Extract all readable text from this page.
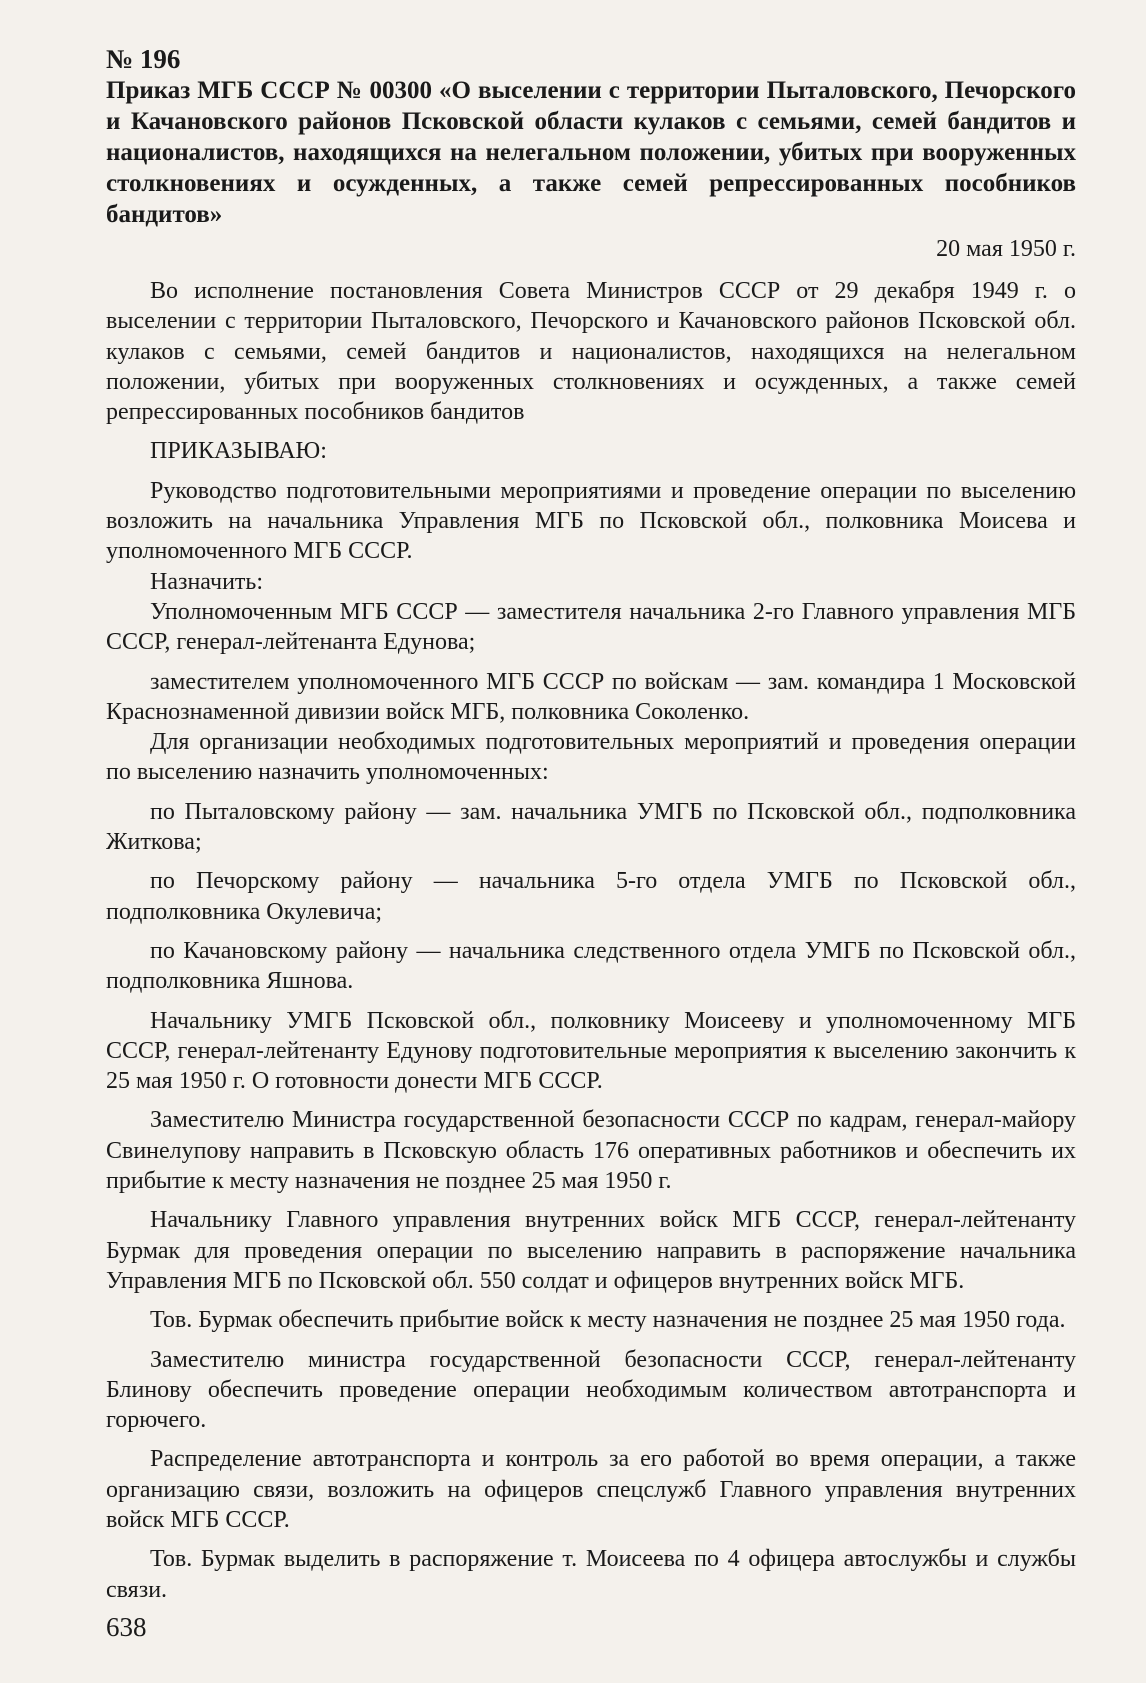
№ 196
Приказ МГБ СССР № 00300 «О выселении с территории Пыталовского, Печорского и Качановского районов Псковской области кулаков с семьями, семей бандитов и националистов, находящихся на нелегальном положении, убитых при вооруженных столкновениях и осужденных, а также семей репрессированных пособников бандитов»
20 мая 1950 г.

Во исполнение постановления Совета Министров СССР от 29 декабря 1949 г. о выселении с территории Пыталовского, Печорского и Качановского районов Псковской обл. кулаков с семьями, семей бандитов и националистов, находящихся на нелегальном положении, убитых при вооруженных столкновениях и осужденных, а также семей репрессированных пособников бандитов

ПРИКАЗЫВАЮ:

Руководство подготовительными мероприятиями и проведение операции по выселению возложить на начальника Управления МГБ по Псковской обл., полковника Моисева и уполномоченного МГБ СССР.

Назначить:

Уполномоченным МГБ СССР — заместителя начальника 2-го Главного управления МГБ СССР, генерал-лейтенанта Едунова;

заместителем уполномоченного МГБ СССР по войскам — зам. командира 1 Московской Краснознаменной дивизии войск МГБ, полковника Соколенко.

Для организации необходимых подготовительных мероприятий и проведения операции по выселению назначить уполномоченных:

по Пыталовскому району — зам. начальника УМГБ по Псковской обл., подполковника Житкова;

по Печорскому району — начальника 5-го отдела УМГБ по Псковской обл., подполковника Окулевича;

по Качановскому району — начальника следственного отдела УМГБ по Псковской обл., подполковника Яшнова.

Начальнику УМГБ Псковской обл., полковнику Моисееву и уполномоченному МГБ СССР, генерал-лейтенанту Едунову подготовительные мероприятия к выселению закончить к 25 мая 1950 г. О готовности донести МГБ СССР.

Заместителю Министра государственной безопасности СССР по кадрам, генерал-майору Свинелупову направить в Псковскую область 176 оперативных работников и обеспечить их прибытие к месту назначения не позднее 25 мая 1950 г.

Начальнику Главного управления внутренних войск МГБ СССР, генерал-лейтенанту Бурмак для проведения операции по выселению направить в распоряжение начальника Управления МГБ по Псковской обл. 550 солдат и офицеров внутренних войск МГБ.

Тов. Бурмак обеспечить прибытие войск к месту назначения не позднее 25 мая 1950 года.

Заместителю министра государственной безопасности СССР, генерал-лейтенанту Блинову обеспечить проведение операции необходимым количеством автотранспорта и горючего.

Распределение автотранспорта и контроль за его работой во время операции, а также организацию связи, возложить на офицеров спецслужб Главного управления внутренних войск МГБ СССР.

Тов. Бурмак выделить в распоряжение т. Моисеева по 4 офицера автослужбы и службы связи.

638
